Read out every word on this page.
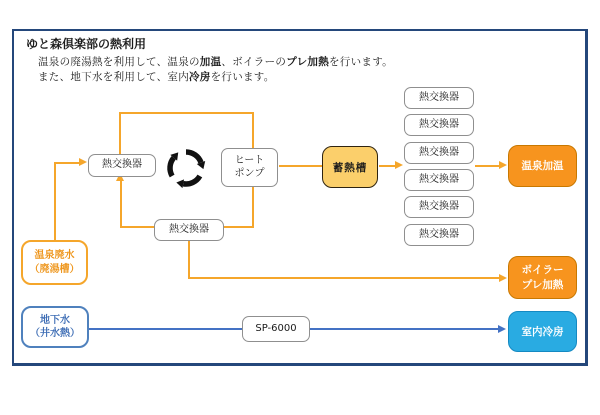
ゆと森倶楽部の熱利用
温泉の廃湯熱を利用して、温泉の加温、ボイラーのプレ加熱を行います。
また、地下水を利用して、室内冷房を行います。
熱交換器
熱交換器
ヒート
ポンプ	蓄熱槽
熱交換器
熱交換器
熱交換器
熱交換器
熱交換器
熱交換器
温泉加温
ボイラー
プレ加熱
室内冷房
温泉廃水
（廃湯槽）
地下水
（井水熱）	SP-6000
